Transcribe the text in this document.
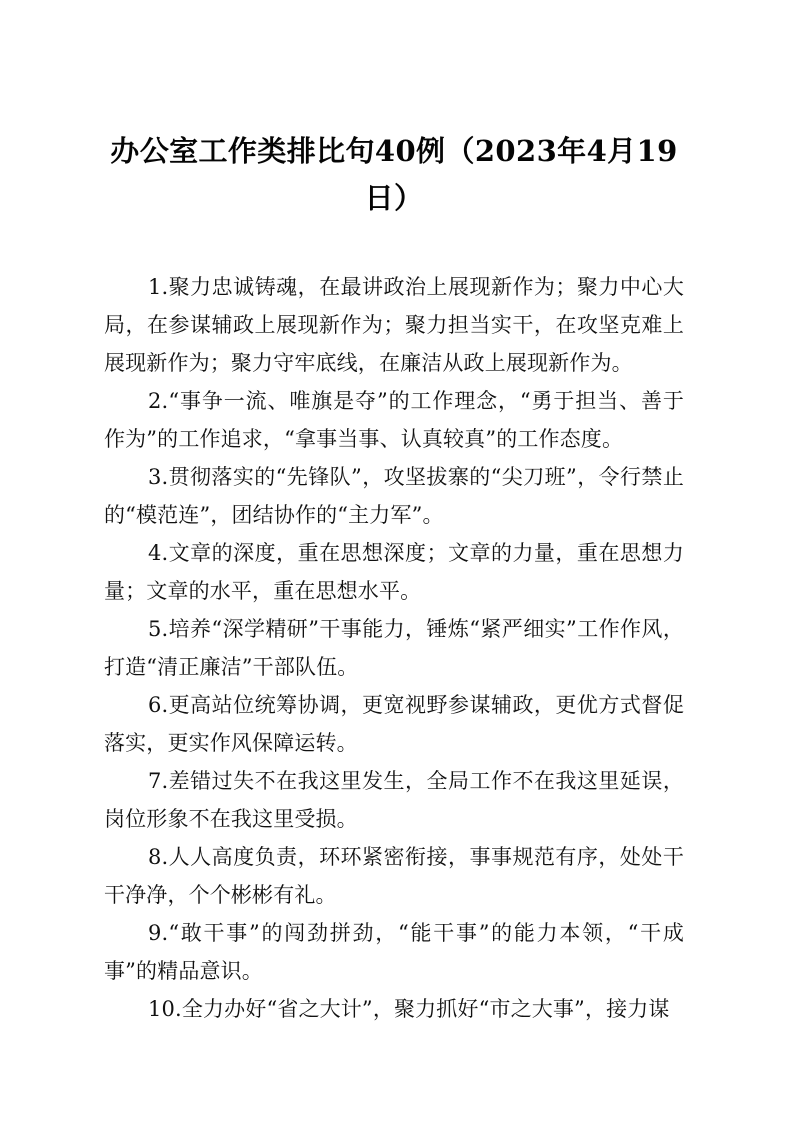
办公室工作类排比句40例（2023年4月19日）

1.聚力忠诚铸魂，在最讲政治上展现新作为；聚力中心大局，在参谋辅政上展现新作为；聚力担当实干，在攻坚克难上展现新作为；聚力守牢底线，在廉洁从政上展现新作为。

2.“事争一流、唯旗是夺”的工作理念，“勇于担当、善于作为”的工作追求，“拿事当事、认真较真”的工作态度。

3.贯彻落实的“先锋队”，攻坚拔寨的“尖刀班”，令行禁止的“模范连”，团结协作的“主力军”。

4.文章的深度，重在思想深度；文章的力量，重在思想力量；文章的水平，重在思想水平。

5.培养“深学精研”干事能力，锤炼“紧严细实”工作作风，打造“清正廉洁”干部队伍。

6.更高站位统筹协调，更宽视野参谋辅政，更优方式督促落实，更实作风保障运转。

7.差错过失不在我这里发生，全局工作不在我这里延误，岗位形象不在我这里受损。

8.人人高度负责，环环紧密衔接，事事规范有序，处处干干净净，个个彬彬有礼。

9.“敢干事”的闯劲拼劲，“能干事”的能力本领，“干成事”的精品意识。

10.全力办好“省之大计”，聚力抓好“市之大事”，接力谋
